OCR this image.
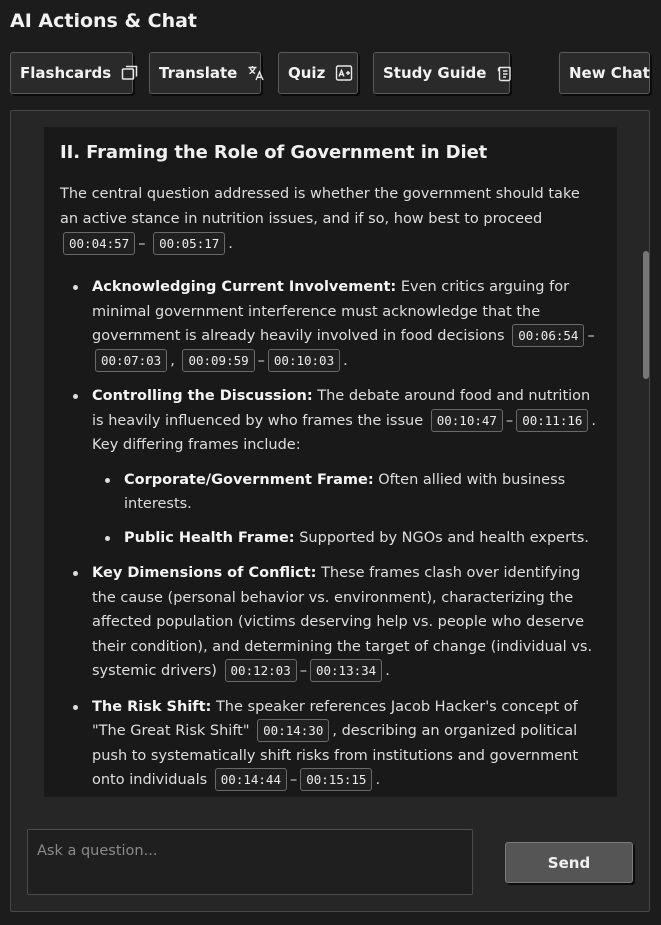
AI Actions & Chat
Flashcards	Translate	Quiz	Study Guide	New Chat
II. Framing the Role of Government in Diet

The central question addressed is whether the government should take an active stance in nutrition issues, and if so, how best to proceed 00:04:57 – 00:05:17 .

Acknowledging Current Involvement: Even critics arguing for minimal government interference must acknowledge that the government is already heavily involved in food decisions 00:06:54 –00:07:03 , 00:09:59 – 00:10:03 .
Controlling the Discussion: The debate around food and nutrition is heavily influenced by who frames the issue 00:10:47 – 00:11:16 . Key differing frames include:
Corporate/Government Frame: Often allied with business interests.
Public Health Frame: Supported by NGOs and health experts.
Key Dimensions of Conflict: These frames clash over identifying the cause (personal behavior vs. environment), characterizing the affected population (victims deserving help vs. people who deserve their condition), and determining the target of change (individual vs. systemic drivers) 00:12:03 – 00:13:34 .
The Risk Shift: The speaker references Jacob Hacker's concept of "The Great Risk Shift" 00:14:30 , describing an organized political push to systematically shift risks from institutions and government onto individuals 00:14:44 – 00:15:15 .
Ask a question...
Send
